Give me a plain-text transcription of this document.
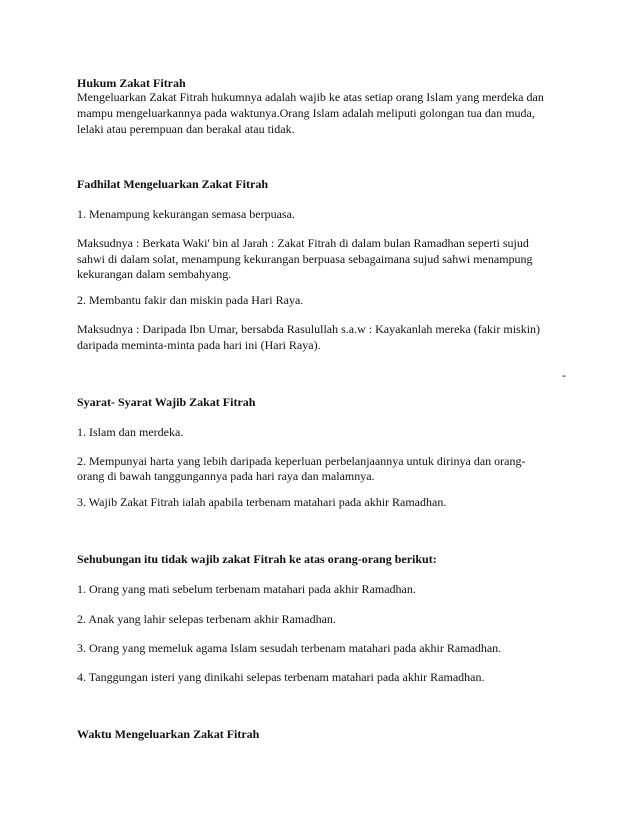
Hukum Zakat Fitrah
Mengeluarkan Zakat Fitrah hukumnya adalah wajib ke atas setiap orang Islam yang merdeka dan
mampu mengeluarkannya pada waktunya.Orang Islam adalah meliputi golongan tua dan muda,
lelaki atau perempuan dan berakal atau tidak.
Fadhilat Mengeluarkan Zakat Fitrah
1. Menampung kekurangan semasa berpuasa.
Maksudnya : Berkata Waki' bin al Jarah : Zakat Fitrah di dalam bulan Ramadhan seperti sujud
sahwi di dalam solat, menampung kekurangan berpuasa sebagaimana sujud sahwi menampung
kekurangan dalam sembahyang.
2. Membantu fakir dan miskin pada Hari Raya.
Maksudnya : Daripada Ibn Umar, bersabda Rasulullah s.a.w : Kayakanlah mereka (fakir miskin)
daripada meminta-minta pada hari ini (Hari Raya).
-
Syarat- Syarat Wajib Zakat Fitrah
1. Islam dan merdeka.
2. Mempunyai harta yang lebih daripada keperluan perbelanjaannya untuk dirinya dan orang-
orang di bawah tanggungannya pada hari raya dan malamnya.
3. Wajib Zakat Fitrah ialah apabila terbenam matahari pada akhir Ramadhan.
Sehubungan itu tidak wajib zakat Fitrah ke atas orang-orang berikut:
1. Orang yang mati sebelum terbenam matahari pada akhir Ramadhan.
2. Anak yang lahir selepas terbenam akhir Ramadhan.
3. Orang yang memeluk agama Islam sesudah terbenam matahari pada akhir Ramadhan.
4. Tanggungan isteri yang dinikahi selepas terbenam matahari pada akhir Ramadhan.
Waktu Mengeluarkan Zakat Fitrah
